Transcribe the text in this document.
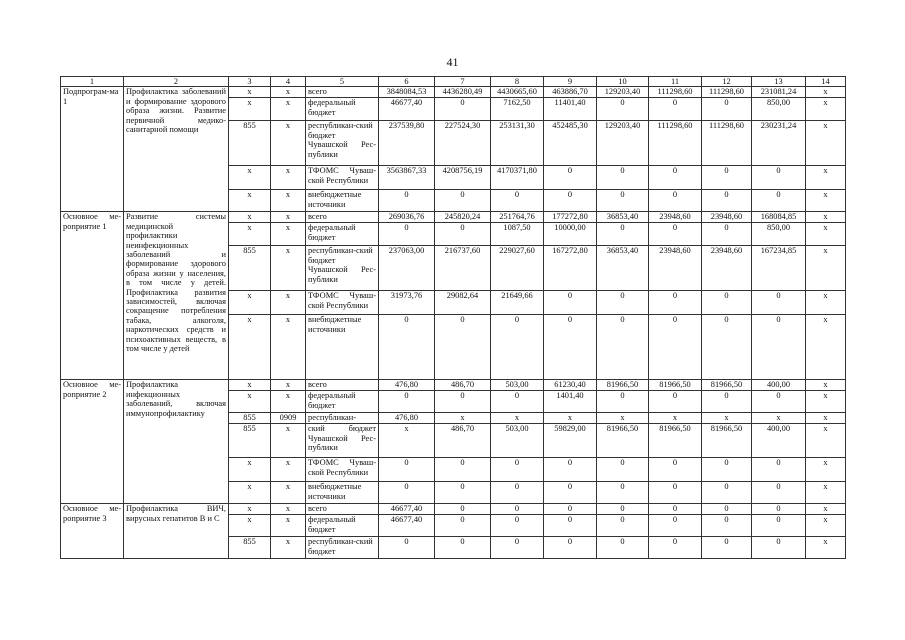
41
1	2	3	4	5	6	7	8	9	10	11	12	13	14
Подпрограм-ма 1	Профилактика заболеваний и формирование здорового образа жизни. Развитие первичной медико-санитарной помощи	x	x	всего	3848084,53	4436280,49	4430665,60	463886,70	129203,40	111298,60	111298,60	231081,24	x
		x	x	федеральный бюджет	46677,40	0	7162,50	11401,40	0	0	0	850,00	x
		855	x	республикан-ский бюджет Чувашской Рес-публики	237539,80	227524,30	253131,30	452485,30	129203,40	111298,60	111298,60	230231,24	x
		x	x	ТФОМС Чуваш-ской Республики	3563867,33	4208756,19	4170371,80	0	0	0	0	0	x
		x	x	внебюджетные источники	0	0	0	0	0	0	0	0	x
Основное ме-роприятие 1	Развитие системы медицинской профилактики неинфекционных заболеваний и формирование здорового образа жизни у населения, в том числе у детей. Профилактика развития зависимостей, включая сокращение потребления табака, алкоголя, наркотических средств и психоактивных веществ, в том числе у детей	x	x	всего	269036,76	245820,24	251764,76	177272,80	36853,40	23948,60	23948,60	168084,85	x
		x	x	федеральный бюджет	0	0	1087,50	10000,00	0	0	0	850,00	x
		855	x	республикан-ский бюджет Чувашской Рес-публики	237063,00	216737,60	229027,60	167272,80	36853,40	23948,60	23948,60	167234,85	x
		x	x	ТФОМС Чуваш-ской Республики	31973,76	29082,64	21649,66	0	0	0	0	0	x
		x	x	внебюджетные источники	0	0	0	0	0	0	0	0	x
Основное ме-роприятие 2	Профилактика инфекционных заболеваний, включая иммунопрофилактику	x	x	всего	476,80	486,70	503,00	61230,40	81966,50	81966,50	81966,50	400,00	x
		x	x	федеральный бюджет	0	0	0	1401,40	0	0	0	0	x
		855	0909	республикан-	476,80	x	x	x	x	x	x	x	x
		855	x	ский бюджет Чувашской Рес-публики	x	486,70	503,00	59829,00	81966,50	81966,50	81966,50	400,00	x
		x	x	ТФОМС Чуваш-ской Республики	0	0	0	0	0	0	0	0	x
		x	x	внебюджетные источники	0	0	0	0	0	0	0	0	x
Основное ме-роприятие 3	Профилактика ВИЧ, вирусных гепатитов В и С	x	x	всего	46677,40	0	0	0	0	0	0	0	x
		x	x	федеральный бюджет	46677,40	0	0	0	0	0	0	0	x
		855	x	республикан-ский бюджет	0	0	0	0	0	0	0	0	x
